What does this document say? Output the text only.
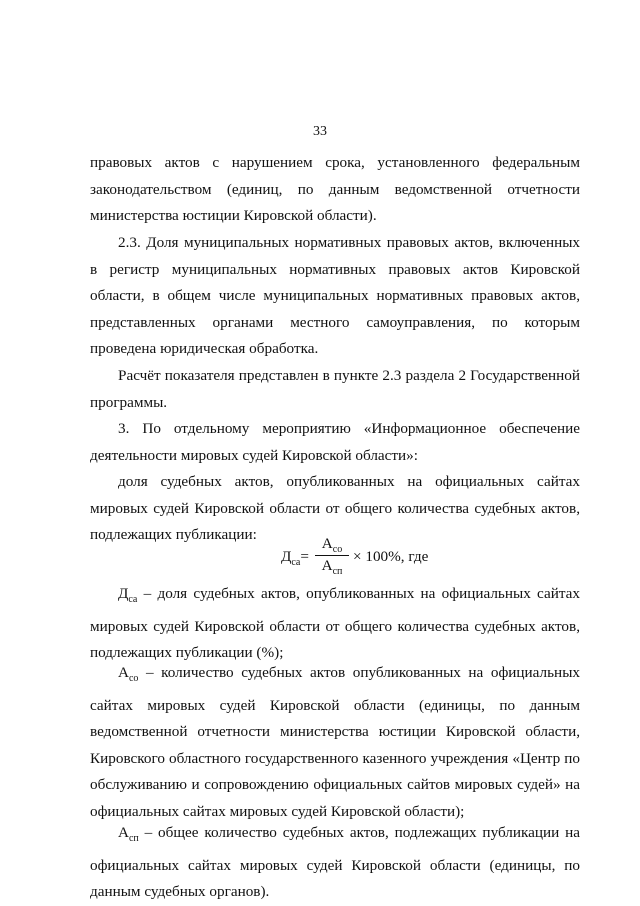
33

правовых актов с нарушением срока, установленного федеральным законодательством (единиц, по данным ведомственной отчетности министерства юстиции Кировской области).

2.3. Доля муниципальных нормативных правовых актов, включенных в регистр муниципальных нормативных правовых актов Кировской области, в общем числе муниципальных нормативных правовых актов, представленных органами местного самоуправления, по которым проведена юридическая обработка.

Расчёт показателя представлен в пункте 2.3 раздела 2 Государственной программы.

3. По отдельному мероприятию «Информационное обеспечение деятельности мировых судей Кировской области»:

доля судебных актов, опубликованных на официальных сайтах мировых судей Кировской области от общего количества судебных актов, подлежащих публикации:

$Д_{са}=$
$А_{со}$
$А_{сп}$
× 100%, где

$Д_{са}$ – доля судебных актов, опубликованных на официальных сайтах мировых судей Кировской области от общего количества судебных актов, подлежащих публикации (%);

$А_{со}$ – количество судебных актов опубликованных на официальных сайтах мировых судей Кировской области (единицы, по данным ведомственной отчетности министерства юстиции Кировской области, Кировского областного государственного казенного учреждения «Центр по обслуживанию и сопровождению официальных сайтов мировых судей» на официальных сайтах мировых судей Кировской области);

$А_{сп}$ – общее количество судебных актов, подлежащих публикации на официальных сайтах мировых судей Кировской области (единицы, по данным судебных органов).
